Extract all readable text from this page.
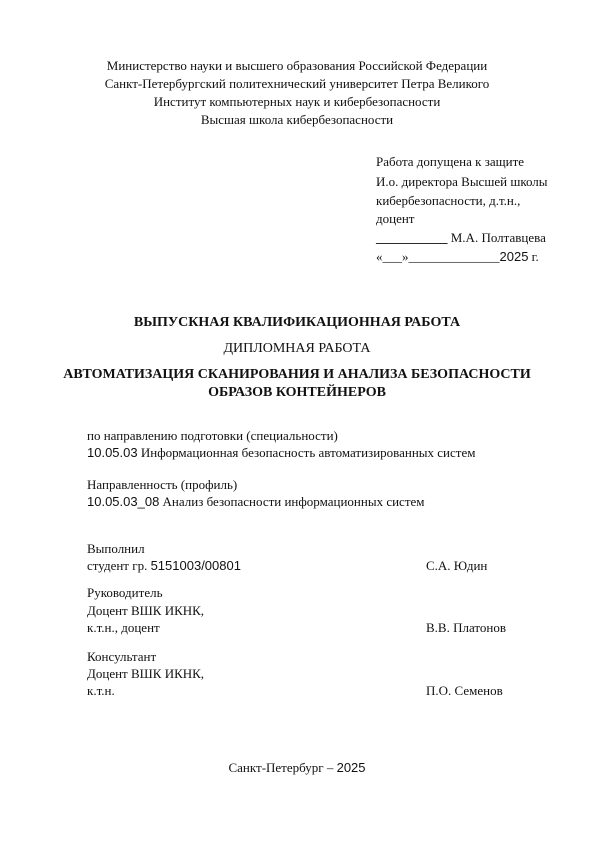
Министерство науки и высшего образования Российской Федерации
Санкт-Петербургский политехнический университет Петра Великого
Институт компьютерных наук и кибербезопасности
Высшая школа кибербезопасности
Работа допущена к защите
И.о. директора Высшей школы
кибербезопасности, д.т.н.,
доцент
___________ М.А. Полтавцева
«___»______________2025 г.
ВЫПУСКНАЯ КВАЛИФИКАЦИОННАЯ РАБОТА
ДИПЛОМНАЯ РАБОТА
АВТОМАТИЗАЦИЯ СКАНИРОВАНИЯ И АНАЛИЗА БЕЗОПАСНОСТИ
ОБРАЗОВ КОНТЕЙНЕРОВ
по направлению подготовки (специальности)
10.05.03 Информационная безопасность автоматизированных систем
Направленность (профиль)
10.05.03_08 Анализ безопасности информационных систем
Выполнил
студент гр. 5151003/00801	С.А. Юдин
Руководитель
Доцент ВШК ИКНК,
к.т.н., доцент	В.В. Платонов
Консультант
Доцент ВШК ИКНК,
к.т.н.	П.О. Семенов
Санкт-Петербург – 2025
